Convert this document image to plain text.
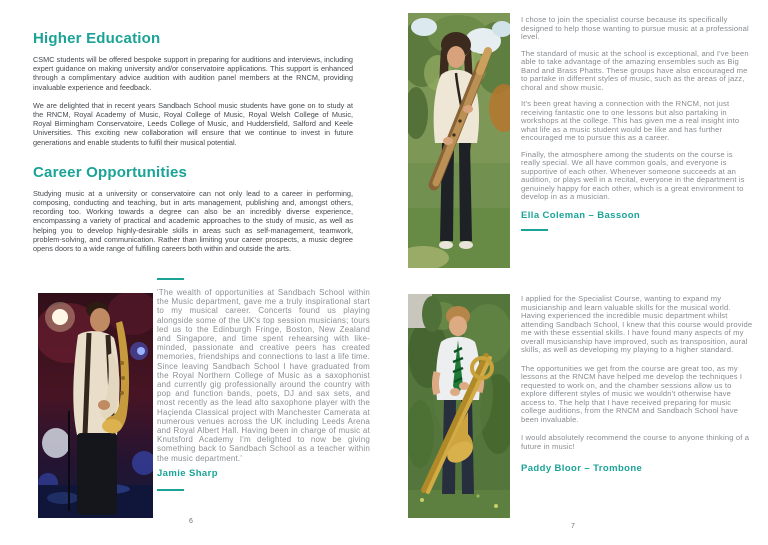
Higher Education

CSMC students will be offered bespoke support in preparing for auditions and interviews, including expert guidance on making university and/or conservatoire applications. This support is enhanced through a complimentary advice audition with audition panel members at the RNCM, providing invaluable experience and feedback.

We are delighted that in recent years Sandbach School music students have gone on to study at the RNCM, Royal Academy of Music, Royal College of Music, Royal Welsh College of Music, Royal Birmingham Conservatoire, Leeds College of Music, and Huddersfield, Salford and Keele Universities. This exciting new collaboration will ensure that we continue to invest in future generations and enable students to fulfil their musical potential.

Career Opportunities

Studying music at a university or conservatoire can not only lead to a career in performing, composing, conducting and teaching, but in arts management, publishing and, amongst others, recording too. Working towards a degree can also be an incredibly diverse experience, encompassing a variety of practical and academic approaches to the study of music, as well as helping you to develop highly-desirable skills in areas such as self-management, teamwork, problem-solving, and communication. Rather than limiting your career prospects, a music degree opens doors to a wide range of fulfilling careers both within and outside the arts.

'The wealth of opportunities at Sandbach School within the Music department, gave me a truly inspirational start to my musical career. Concerts found us playing alongside some of the UK's top session musicians; tours led us to the Edinburgh Fringe, Boston, New Zealand and Singapore, and time spent rehearsing with like-minded, passionate and creative peers has created memories, friendships and connections to last a life time. Since leaving Sandbach School I have graduated from the Royal Northern College of Music as a saxophonist and currently gig professionally around the country with pop and function bands, poets, DJ and sax sets, and most recently as the lead alto saxophone player with the Haçienda Classical project with Manchester Camerata at numerous venues across the UK including Leeds Arena and Royal Albert Hall. Having been in charge of music at Knutsford Academy I'm delighted to now be giving something back to Sandbach School as a teacher within the music department.'

Jamie Sharp
6

I chose to join the specialist course because its specifically designed to help those wanting to pursue music at a professional level.

The standard of music at the school is exceptional, and I've been able to take advantage of the amazing ensembles such as Big Band and Brass Phatts. These groups have also encouraged me to partake in different styles of music, such as the areas of jazz, choral and show music.

It's been great having a connection with the RNCM, not just receiving fantastic one to one lessons but also partaking in workshops at the college. This has given me a real insight into what life as a music student would be like and has further encouraged me to pursue this as a career.

Finally, the atmosphere among the students on the course is really special. We all have common goals, and everyone is supportive of each other. Whenever someone succeeds at an audition, or plays well in a recital, everyone in the department is genuinely happy for each other, which is a great environment to develop in as a musician.

Ella Coleman – Bassoon

I applied for the Specialist Course, wanting to expand my musicianship and learn valuable skills for the musical world. Having experienced the incredible music department whilst attending Sandbach School, I knew that this course would provide me with these essential skills. I have found many aspects of my overall musicianship have improved, such as transposition, aural skills, as well as developing my playing to a higher standard.

The opportunities we get from the course are great too, as my lessons at the RNCM have helped me develop the techniques I requested to work on, and the chamber sessions allow us to explore different styles of music we wouldn't otherwise have access to. The help that I have received preparing for music college auditions, from the RNCM and Sandbach School have been invaluable.

I would absolutely recommend the course to anyone thinking of a future in music!

Paddy Bloor – Trombone
7
